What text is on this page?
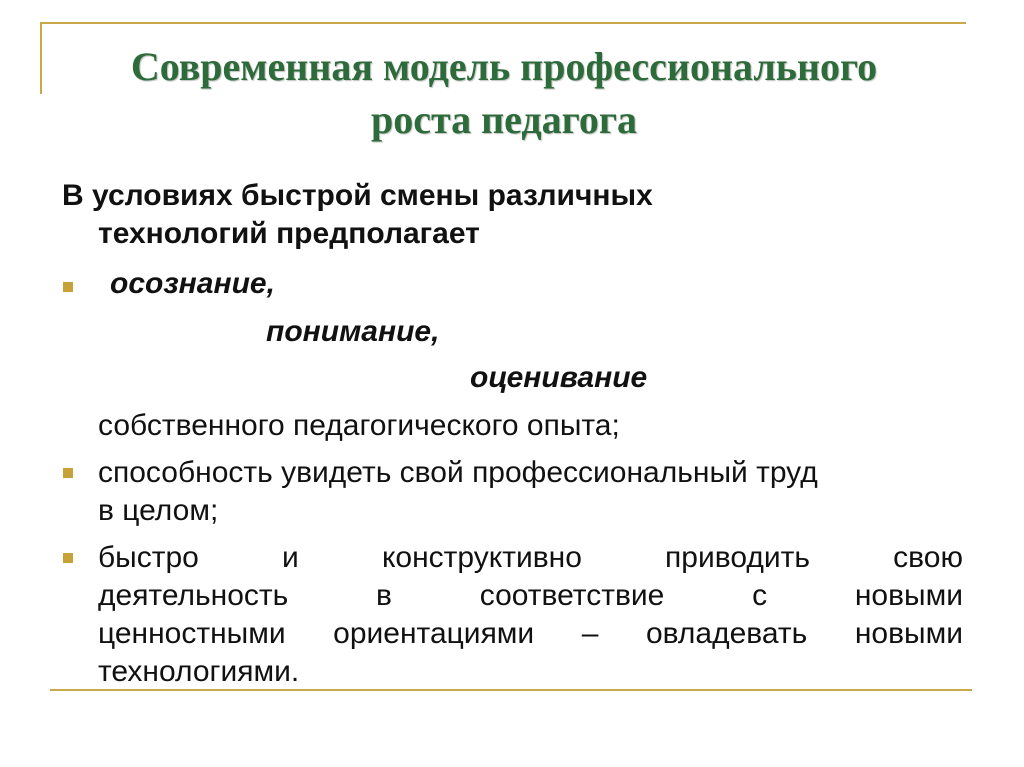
Современная модель профессионального
роста педагога
В условиях быстрой смены различных
технологий предполагает
осознание,
понимание,
оценивание
собственного педагогического опыта;
способность увидеть свой профессиональный труд
в целом;
быстро	и	конструктивно	приводить	свою
деятельность	в	соответствие	с	новыми
ценностными ориентациями – овладевать новыми
технологиями.
